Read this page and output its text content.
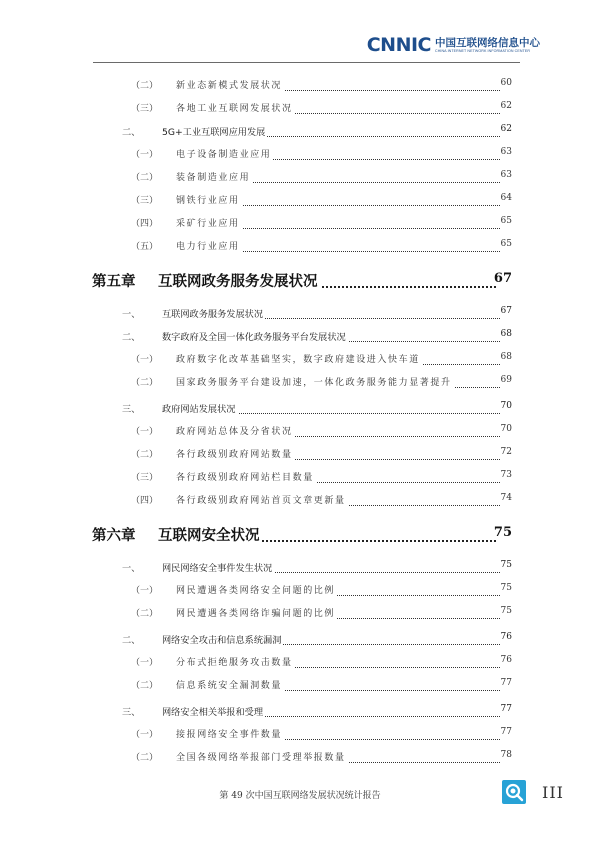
CNNIC 中国互联网络信息中心
CHINA INTERNET NETWORK INFORMATION CENTER
（二） 新业态新模式发展状况	60
（三） 各地工业互联网发展状况	62
二、 5G+工业互联网应用发展	62
（一） 电子设备制造业应用	63
（二） 装备制造业应用	63
（三） 钢铁行业应用	64
（四） 采矿行业应用	65
（五） 电力行业应用	65
第五章 互联网政务服务发展状况	67
一、 互联网政务服务发展状况	67
二、 数字政府及全国一体化政务服务平台发展状况	68
（一） 政府数字化改革基础坚实，数字政府建设进入快车道	68
（二） 国家政务服务平台建设加速，一体化政务服务能力显著提升	69
三、 政府网站发展状况	70
（一） 政府网站总体及分省状况	70
（二） 各行政级别政府网站数量	72
（三） 各行政级别政府网站栏目数量	73
（四） 各行政级别政府网站首页文章更新量	74
第六章 互联网安全状况	75
一、 网民网络安全事件发生状况	75
（一） 网民遭遇各类网络安全问题的比例	75
（二） 网民遭遇各类网络诈骗问题的比例	75
二、 网络安全攻击和信息系统漏洞	76
（一） 分布式拒绝服务攻击数量	76
（二） 信息系统安全漏洞数量	77
三、 网络安全相关举报和受理	77
（一） 接报网络安全事件数量	77
（二） 全国各级网络举报部门受理举报数量	78
第 49 次中国互联网络发展状况统计报告	III
